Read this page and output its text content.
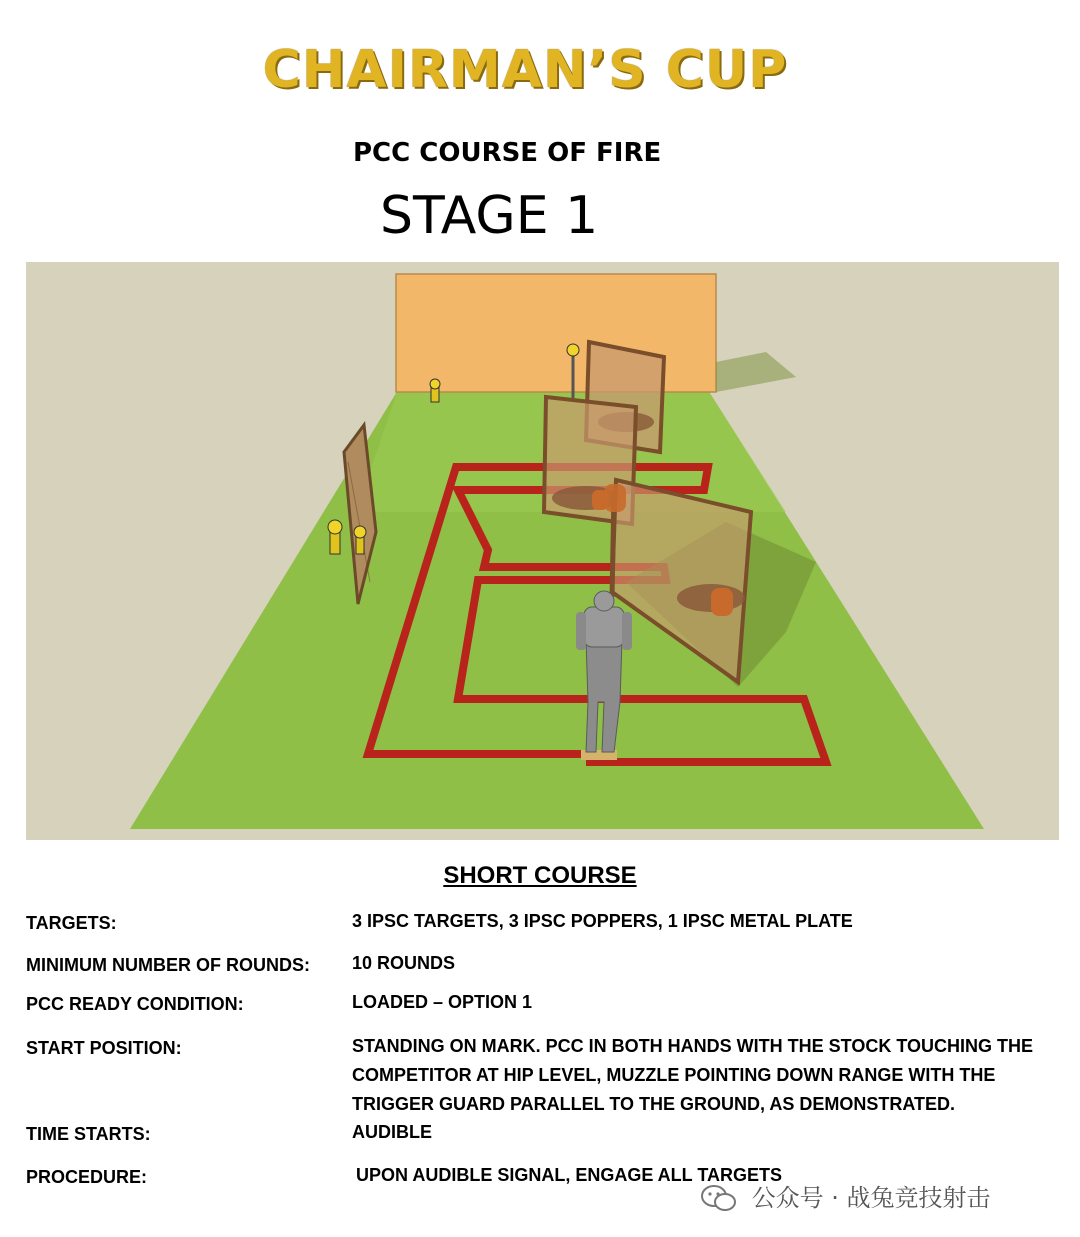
CHAIRMAN’S CUP
PCC COURSE OF FIRE
STAGE 1
SHORT COURSE
TARGETS:	3 IPSC TARGETS, 3 IPSC POPPERS, 1 IPSC METAL PLATE
MINIMUM NUMBER OF ROUNDS: 10 ROUNDS
PCC READY CONDITION:	LOADED – OPTION 1
START POSITION:	STANDING ON MARK. PCC IN BOTH HANDS WITH THE STOCK TOUCHING THE COMPETITOR AT HIP LEVEL, MUZZLE POINTING DOWN RANGE WITH THE TRIGGER GUARD PARALLEL TO THE GROUND, AS DEMONSTRATED.
TIME STARTS:	AUDIBLE
PROCEDURE:	UPON AUDIBLE SIGNAL, ENGAGE ALL TARGETS
公众号 · 战兔竞技射击
